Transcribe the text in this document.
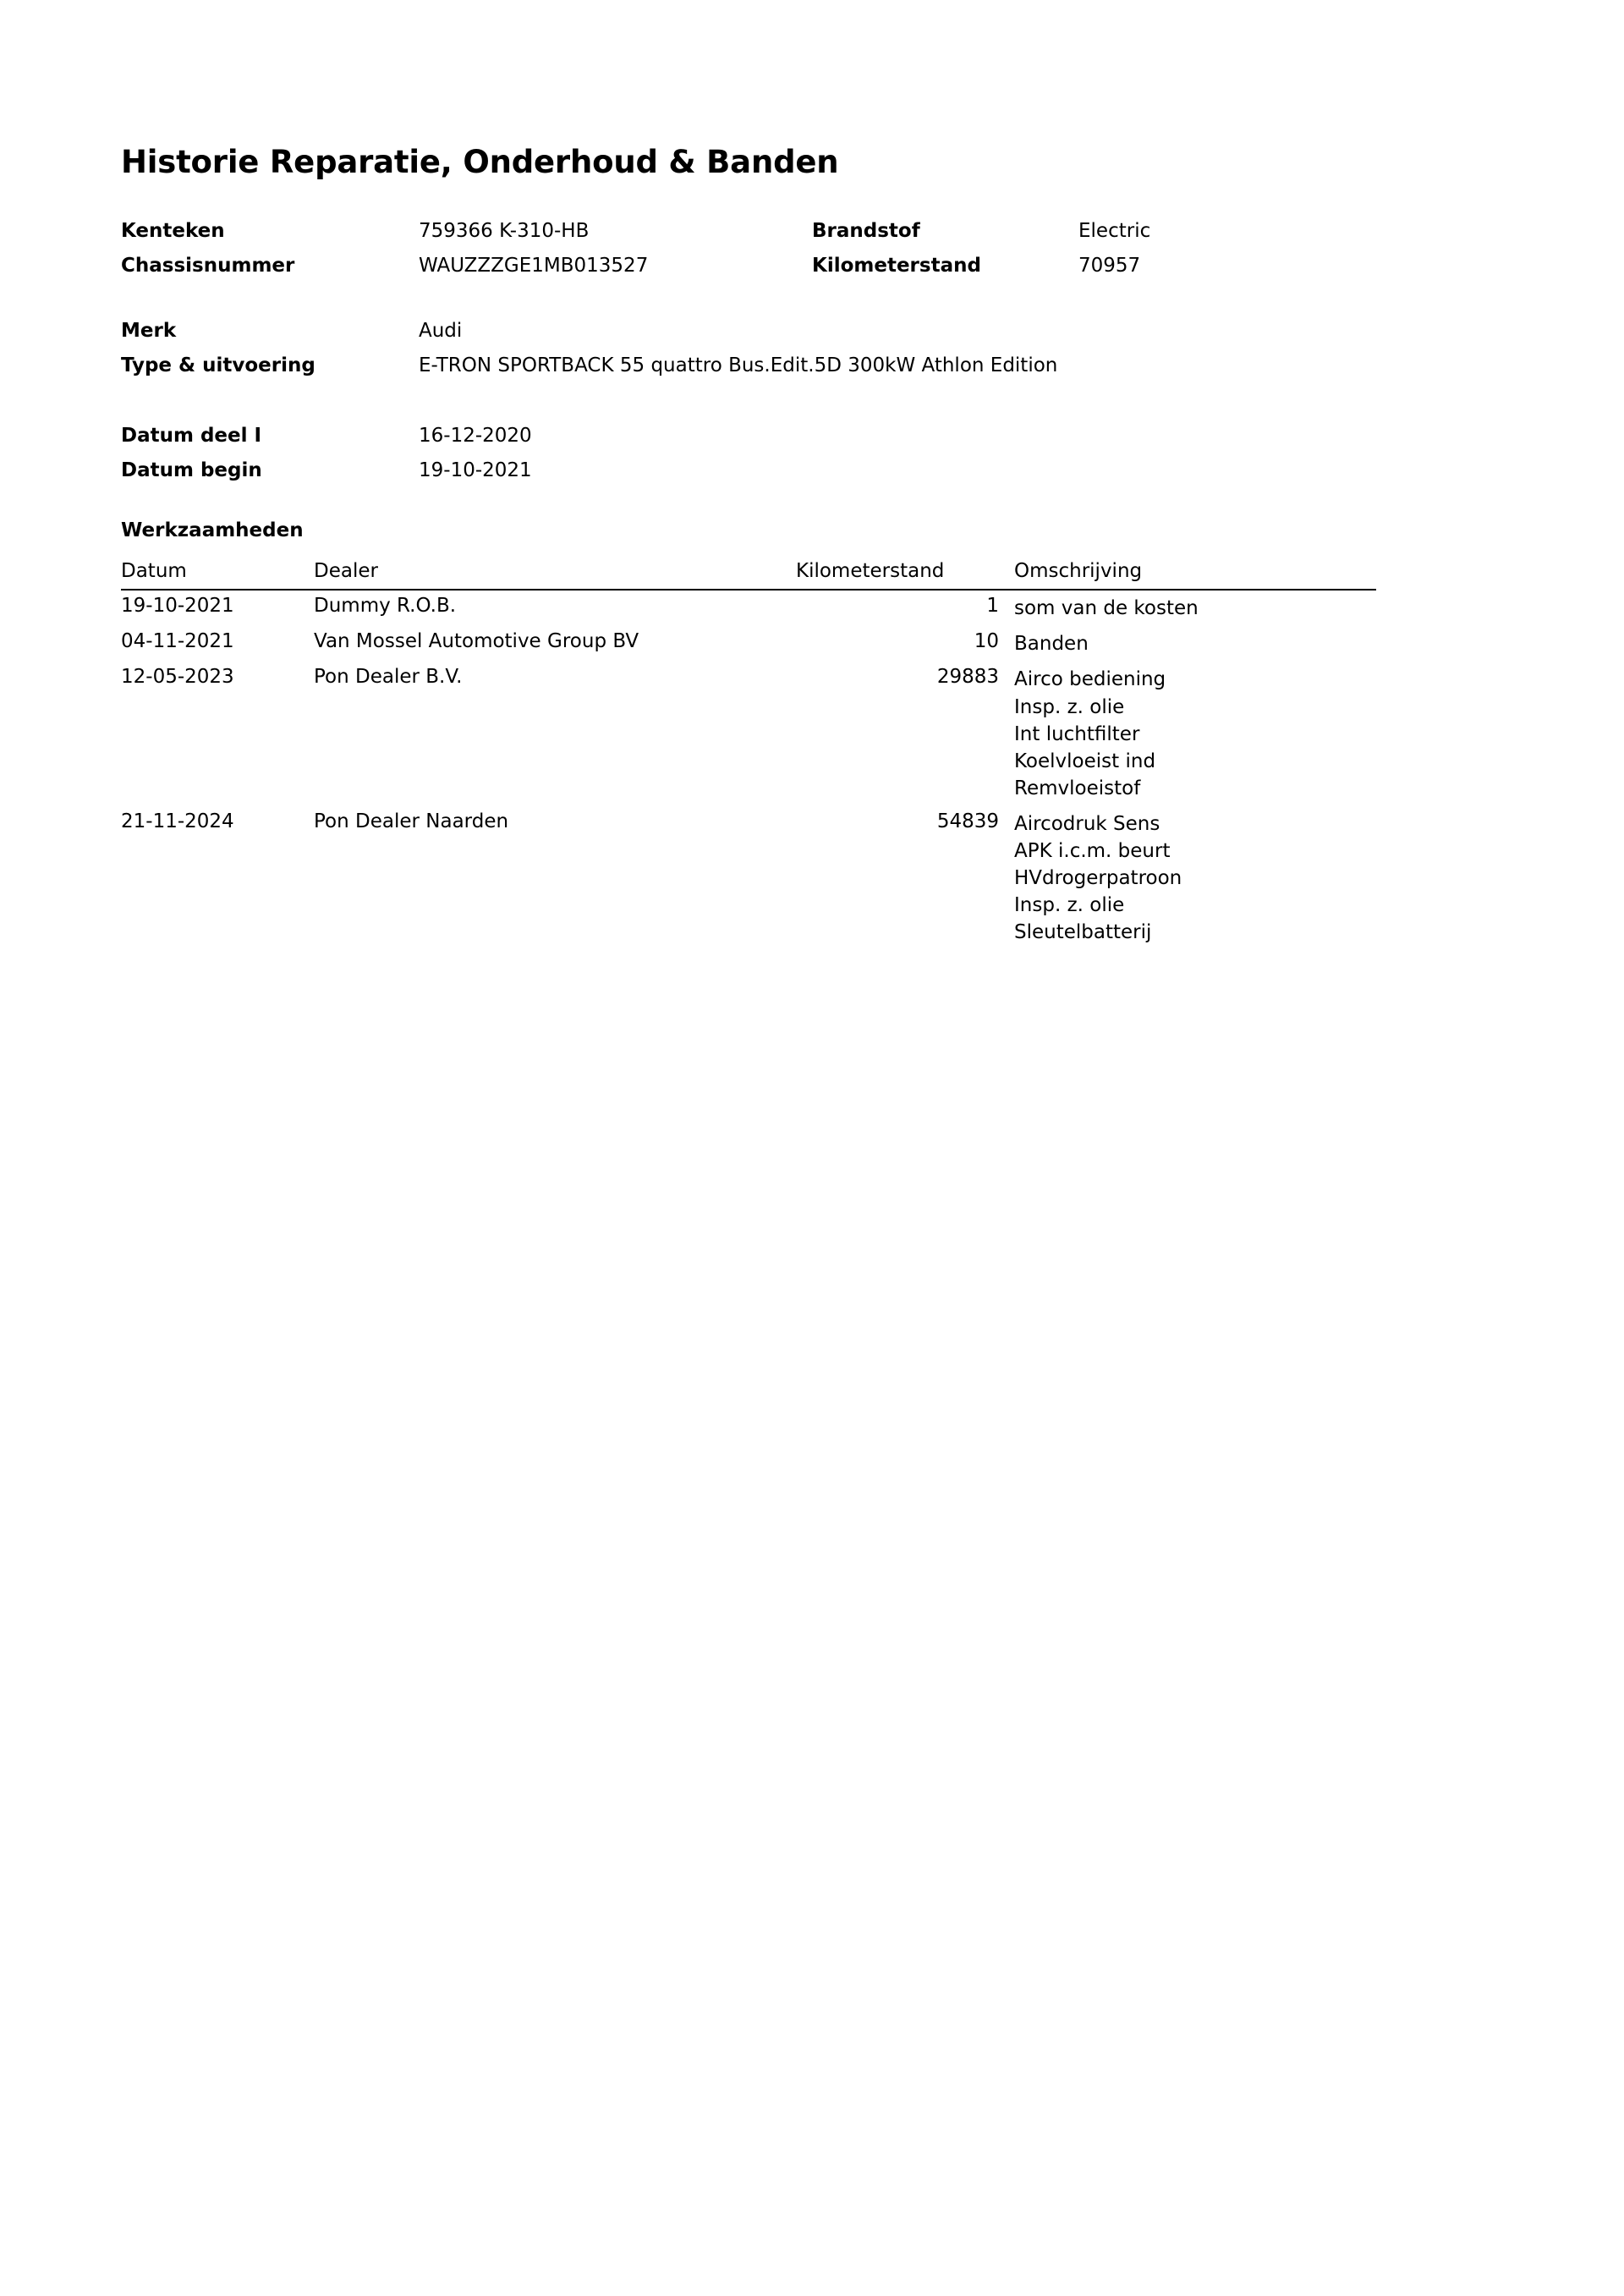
Historie Reparatie, Onderhoud & Banden
Kenteken	759366 K-310-HB	Brandstof	Electric
Chassisnummer	WAUZZZGE1MB013527	Kilometerstand	70957
Merk	Audi
Type & uitvoering	E-TRON SPORTBACK 55 quattro Bus.Edit.5D 300kW Athlon Edition
Datum deel I	16-12-2020
Datum begin	19-10-2021
Werkzaamheden
Datum	Dealer	Kilometerstand	Omschrijving
19-10-2021	Dummy R.O.B.	1	som van de kosten

04-11-2021	Van Mossel Automotive Group BV	10	Banden

12-05-2023	Pon Dealer B.V.	29883	Airco bediening
Insp. z. olie
Int luchtfilter
Koelvloeist ind
Remvloeistof

21-11-2024	Pon Dealer Naarden	54839	Aircodruk Sens
APK i.c.m. beurt
HVdrogerpatroon
Insp. z. olie
Sleutelbatterij
